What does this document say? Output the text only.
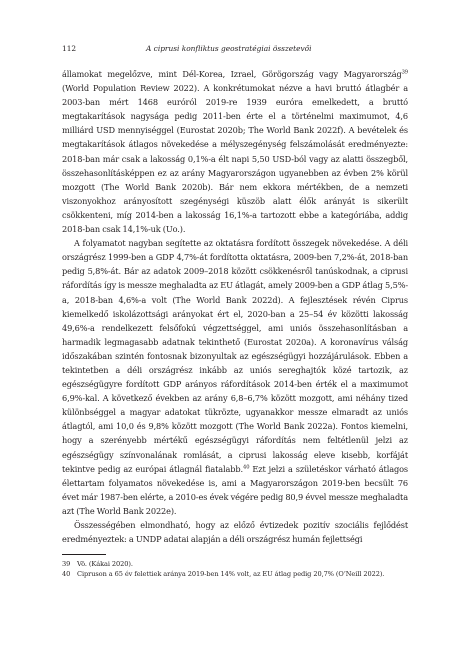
112	A ciprusi konfliktus geostratégiai összetevői

államokat megelőzve, mint Dél-Korea, Izrael, Görögország vagy Magyarország$^{39}$ (World Population Review 2022). A konkrétumokat nézve a havi bruttó átlagbér a 2003-ban mért 1468 euróról 2019-re 1939 euróra emelkedett, a bruttó megtakarítások nagysága pedig 2011-ben érte el a történelmi maximumot, 4,6 milliárd USD mennyiséggel (Eurostat 2020b; The World Bank 2022f). A bevételek és megtakarítások átlagos növekedése a mélyszegénység felszámolását eredményezte: 2018-ban már csak a lakosság 0,1%-a élt napi 5,50 USD-ból vagy az alatti összegből, összehasonlításképpen ez az arány Magyarországon ugyanebben az évben 2% körül mozgott (The World Bank 2020b). Bár nem ekkora mértékben, de a nemzeti viszonyokhoz arányosított szegénységi küszöb alatt élők arányát is sikerült csökkenteni, míg 2014-ben a lakosság 16,1%-a tartozott ebbe a kategóriába, addig 2018-ban csak 14,1%-uk (Uo.).

A folyamatot nagyban segítette az oktatásra fordított összegek növekedése. A déli országrész 1999-ben a GDP 4,7%-át fordította oktatásra, 2009-ben 7,2%-át, 2018-ban pedig 5,8%-át. Bár az adatok 2009–2018 között csökkenésről tanúskodnak, a ciprusi ráfordítás így is messze meghaladta az EU átlagát, amely 2009-ben a GDP átlag 5,5%-a, 2018-ban 4,6%-a volt (The World Bank 2022d). A fejlesztések révén Ciprus kiemelkedő iskolázottsági arányokat ért el, 2020-ban a 25–54 év közötti lakosság 49,6%-a rendelkezett felsőfokú végzettséggel, ami uniós összehasonlításban a harmadik legmagasabb adatnak tekinthető (Eurostat 2020a). A koronavírus válság időszakában szintén fontosnak bizonyultak az egészségügyi hozzájárulások. Ebben a tekintetben a déli országrész inkább az uniós sereghajtók közé tartozik, az egészségügyre fordított GDP arányos ráfordítások 2014-ben érték el a maximumot 6,9%-kal. A következő években az arány 6,8–6,7% között mozgott, ami néhány tized különbséggel a magyar adatokat tükrözte, ugyanakkor messze elmaradt az uniós átlagtól, ami 10,0 és 9,8% között mozgott (The World Bank 2022a). Fontos kiemelni, hogy a szerényebb mértékű egészségügyi ráfordítás nem feltétlenül jelzi az egészségügy színvonalának romlását, a ciprusi lakosság eleve kisebb, korfáját tekintve pedig az európai átlagnál fiatalabb.$^{40}$ Ezt jelzi a születéskor várható átlagos élettartam folyamatos növekedése is, ami a Magyarországon 2019-ben becsült 76 évet már 1987-ben elérte, a 2010-es évek végére pedig 80,9 évvel messze meghaladta azt (The World Bank 2022e).

Összességében elmondható, hogy az előző évtizedek pozitív szociális fejlődést eredményeztek: a UNDP adatai alapján a déli országrész humán fejlettségi

39	Vö. (Kákai 2020).
40	Cipruson a 65 év felettiek aránya 2019-ben 14% volt, az EU átlag pedig 20,7% (O’Neill 2022).
